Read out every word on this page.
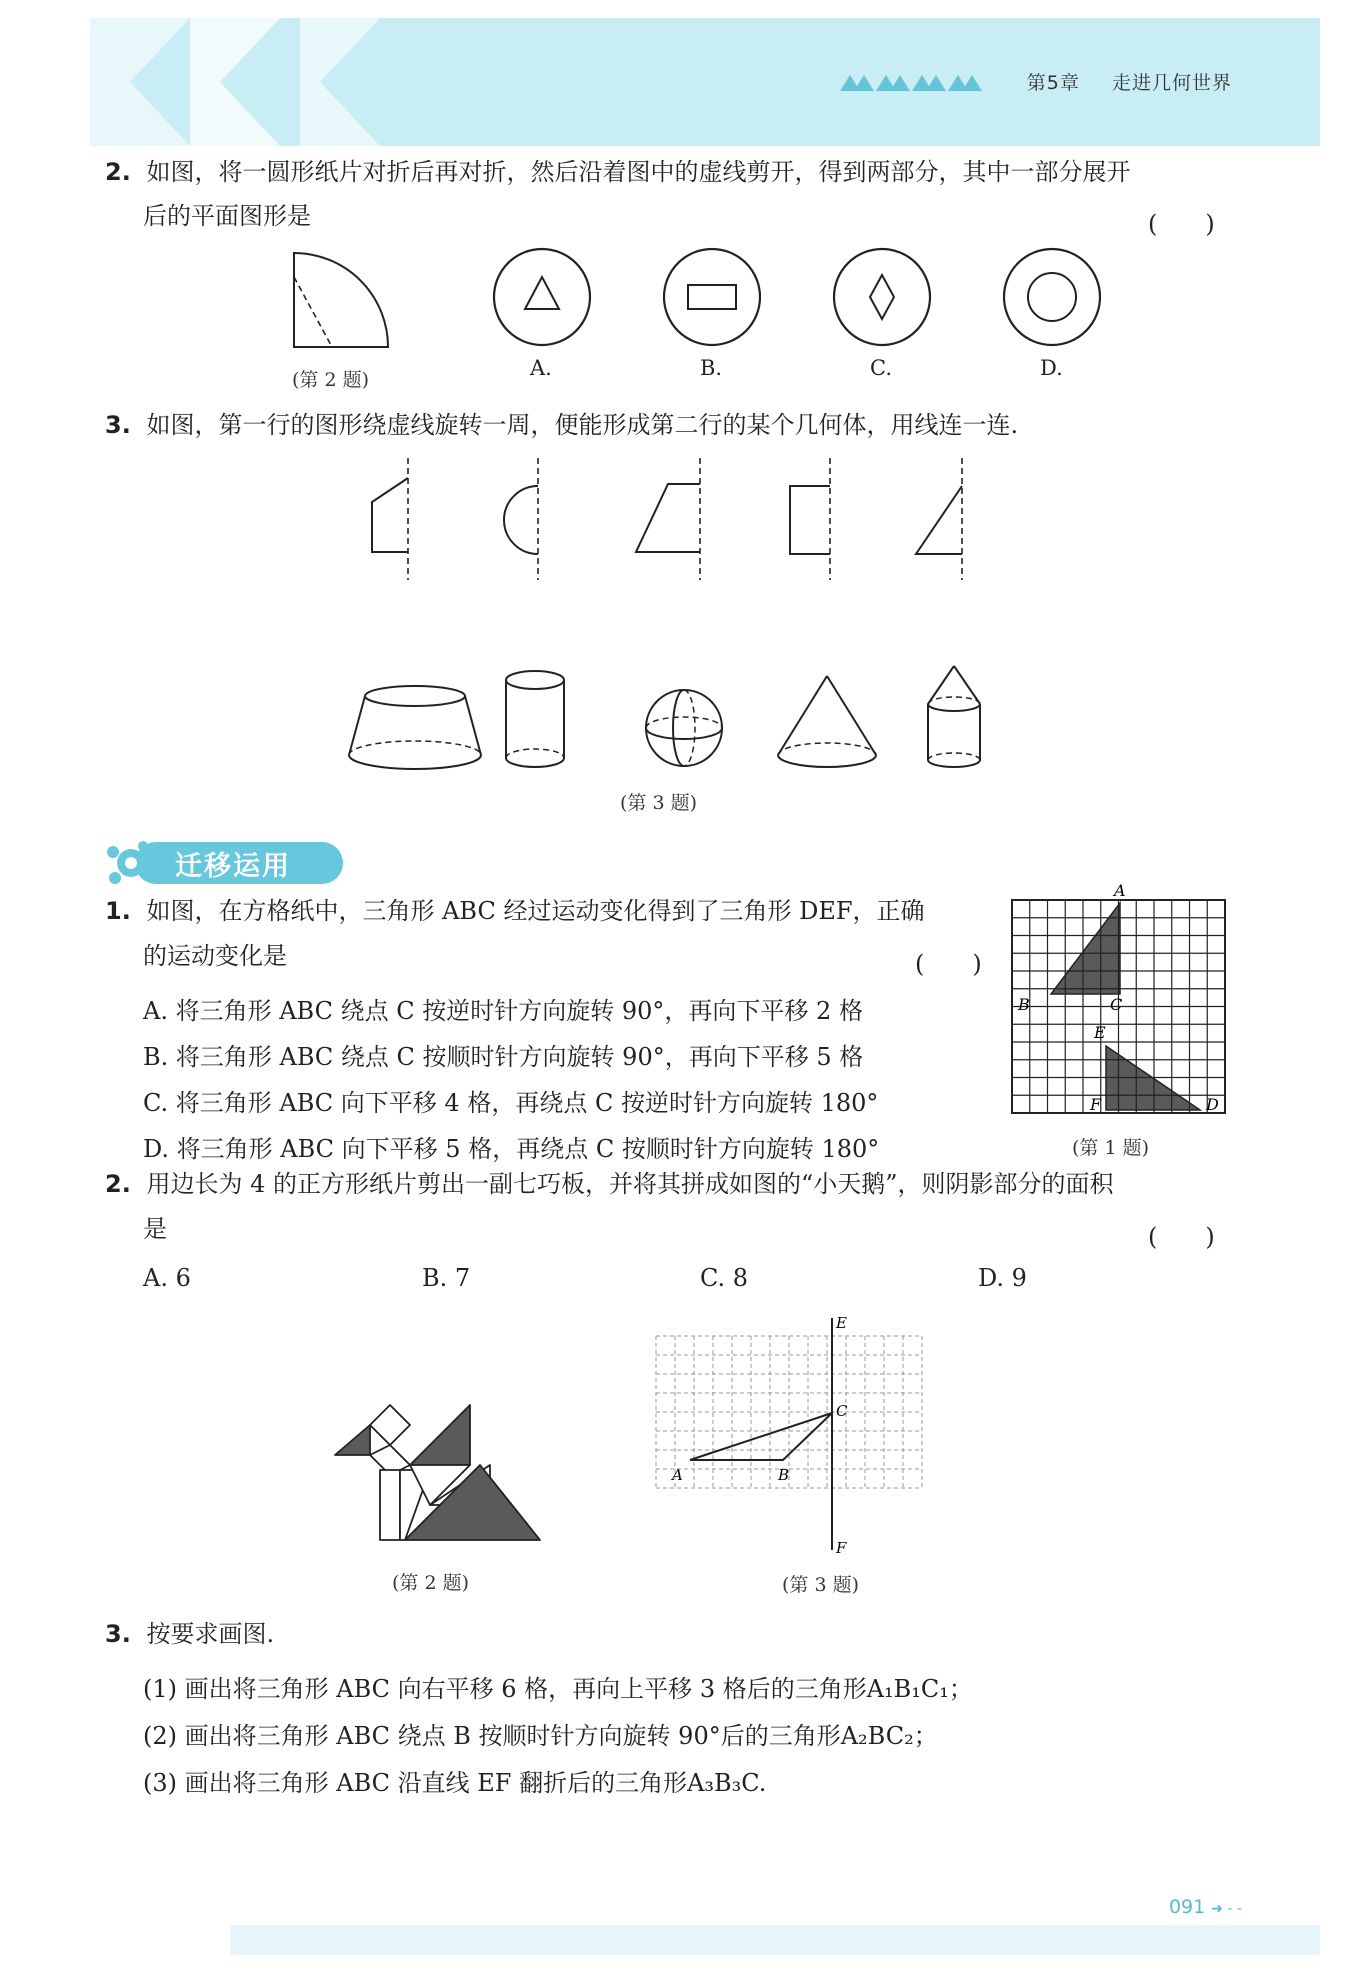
第5章 走进几何世界
2. 如图，将一圆形纸片对折后再对折，然后沿着图中的虚线剪开，得到两部分，其中一部分展开
后的平面图形是	(　　)
(第 2 题)	A.	B.	C.	D.
3. 如图，第一行的图形绕虚线旋转一周，便能形成第二行的某个几何体，用线连一连.
(第 3 题)
迁移运用
1. 如图，在方格纸中，三角形 ABC 经过运动变化得到了三角形 DEF，正确
的运动变化是	(　　)
A. 将三角形 ABC 绕点 C 按逆时针方向旋转 90°，再向下平移 2 格
B. 将三角形 ABC 绕点 C 按顺时针方向旋转 90°，再向下平移 5 格
C. 将三角形 ABC 向下平移 4 格，再绕点 C 按逆时针方向旋转 180°
D. 将三角形 ABC 向下平移 5 格，再绕点 C 按顺时针方向旋转 180°
A
B	C
E
F	D
(第 1 题)
2. 用边长为 4 的正方形纸片剪出一副七巧板，并将其拼成如图的“小天鹅”，则阴影部分的面积
是	(　　)
A. 6	B. 7	C. 8	D. 9
(第 2 题)
E
C
A	B
F
(第 3 题)
3. 按要求画图.
(1) 画出将三角形 ABC 向右平移 6 格，再向上平移 3 格后的三角形A₁B₁C₁；
(2) 画出将三角形 ABC 绕点 B 按顺时针方向旋转 90°后的三角形A₂BC₂；
(3) 画出将三角形 ABC 沿直线 EF 翻折后的三角形A₃B₃C.
091 ➜ - -
